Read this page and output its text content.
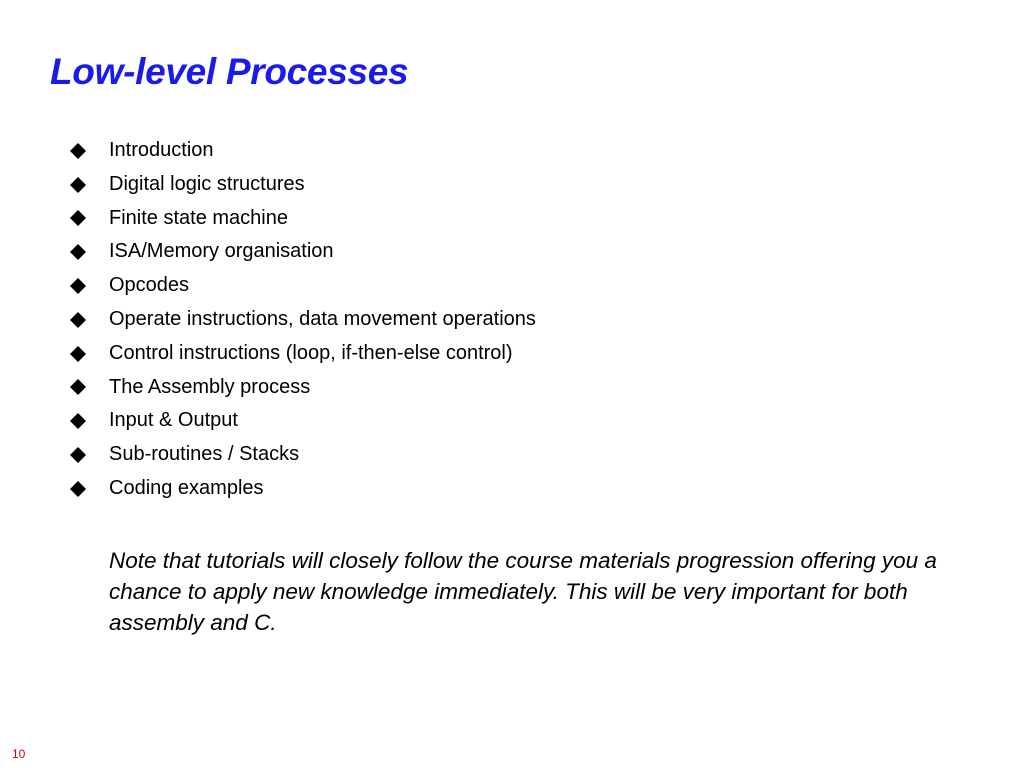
Low-level Processes
Introduction
Digital logic structures
Finite state machine
ISA/Memory organisation
Opcodes
Operate instructions, data movement operations
Control instructions (loop, if-then-else control)
The Assembly process
Input & Output
Sub-routines / Stacks
Coding examples

Note that tutorials will closely follow the course materials progression offering you a chance to apply new knowledge immediately. This will be very important for both assembly and C.

10
